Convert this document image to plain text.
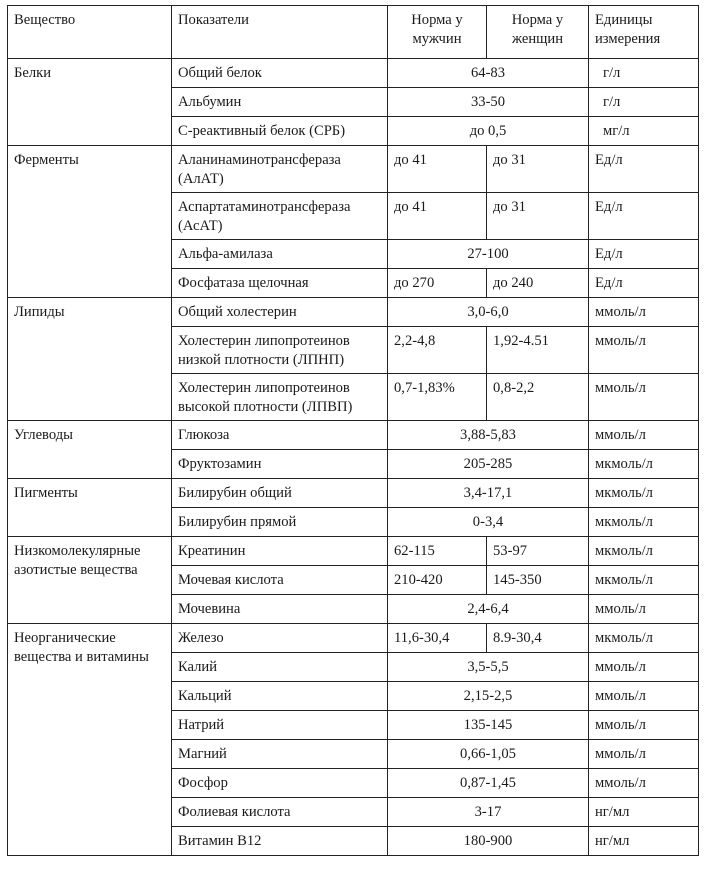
Вещество	Показатели	Норма у мужчин	Норма у женщин	Единицы измерения
Белки	Общий белок	64-83		г/л
	Альбумин	33-50		г/л
	С-реактивный белок (СРБ)	до 0,5		мг/л
Ферменты	Аланинаминотрансфераза (АлАТ)	до 41	до 31	Ед/л
	Аспартатаминотрансфераза (АсАТ)	до 41	до 31	Ед/л
	Альфа-амилаза	27-100		Ед/л
	Фосфатаза щелочная	до 270	до 240	Ед/л
Липиды	Общий холестерин	3,0-6,0		ммоль/л
	Холестерин липопротеинов низкой плотности (ЛПНП)	2,2-4,8	1,92-4.51	ммоль/л
	Холестерин липопротеинов высокой плотности (ЛПВП)	0,7-1,83%	0,8-2,2	ммоль/л
Углеводы	Глюкоза	3,88-5,83		ммоль/л
	Фруктозамин	205-285		мкмоль/л
Пигменты	Билирубин общий	3,4-17,1		мкмоль/л
	Билирубин прямой	0-3,4		мкмоль/л
Низкомолекулярные азотистые вещества	Креатинин	62-115	53-97	мкмоль/л
	Мочевая кислота	210-420	145-350	мкмоль/л
	Мочевина	2,4-6,4		ммоль/л
Неорганические вещества и витамины	Железо	11,6-30,4	8.9-30,4	мкмоль/л
	Калий	3,5-5,5		ммоль/л
	Кальций	2,15-2,5		ммоль/л
	Натрий	135-145		ммоль/л
	Магний	0,66-1,05		ммоль/л
	Фосфор	0,87-1,45		ммоль/л
	Фолиевая кислота	3-17		нг/мл
	Витамин В12	180-900		нг/мл
